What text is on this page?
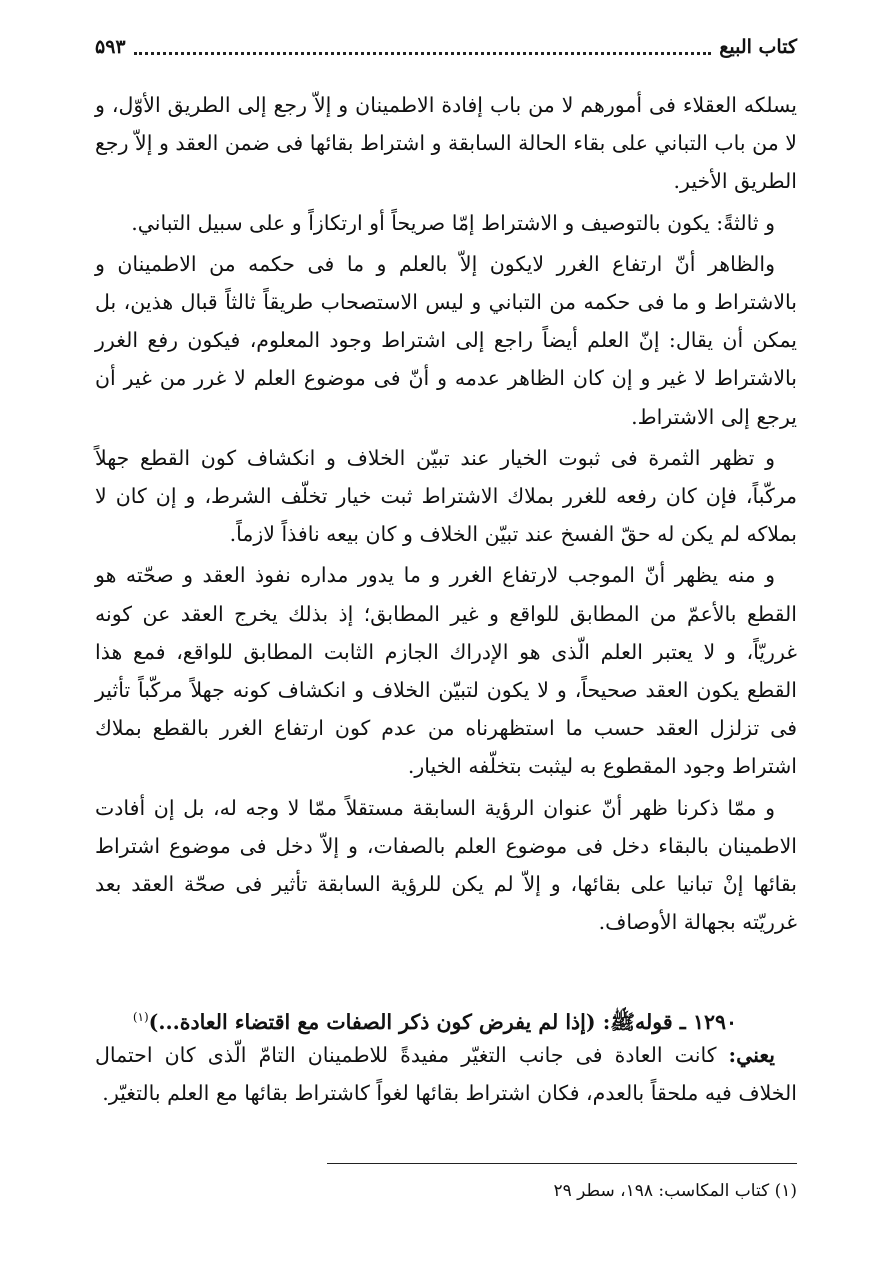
كتاب البيع
۵۹۳

يسلكه العقلاء فى أمورهم لا من باب إفادة الاطمينان و إلاّ رجع إلى الطريق الأوّل، و لا من باب التباني على بقاء الحالة السابقة و اشتراط بقائها فى ضمن العقد و إلاّ رجع الطريق الأخير.

و ثالثةً: يكون بالتوصيف و الاشتراط إمّا صريحاً أو ارتكازاً و على سبيل التباني.

والظاهر أنّ ارتفاع الغرر لايكون إلاّ بالعلم و ما فى حكمه من الاطمينان و بالاشتراط و ما فى حكمه من التباني و ليس الاستصحاب طريقاً ثالثاً قبال هذين، بل يمكن أن يقال: إنّ العلم أيضاً راجع إلى اشتراط وجود المعلوم، فيكون رفع الغرر بالاشتراط لا غير و إن كان الظاهر عدمه و أنّ فى موضوع العلم لا غرر من غير أن يرجع إلى الاشتراط.

و تظهر الثمرة فى ثبوت الخيار عند تبيّن الخلاف و انكشاف كون القطع جهلاً مركّباً، فإن كان رفعه للغرر بملاك الاشتراط ثبت خيار تخلّف الشرط، و إن كان لا بملاكه لم يكن له حقّ الفسخ عند تبيّن الخلاف و كان بيعه نافذاً لازماً.

و منه يظهر أنّ الموجب لارتفاع الغرر و ما يدور مداره نفوذ العقد و صحّته هو القطع بالأعمّ من المطابق للواقع و غير المطابق؛ إذ بذلك يخرج العقد عن كونه غرريّاً، و لا يعتبر العلم الّذى هو الإدراك الجازم الثابت المطابق للواقع، فمع هذا القطع يكون العقد صحيحاً، و لا يكون لتبيّن الخلاف و انكشاف كونه جهلاً مركّباً تأثير فى تزلزل العقد حسب ما استظهرناه من عدم كون ارتفاع الغرر بالقطع بملاك اشتراط وجود المقطوع به ليثبت بتخلّفه الخيار.

و ممّا ذكرنا ظهر أنّ عنوان الرؤية السابقة مستقلاً ممّا لا وجه له، بل إن أفادت الاطمينان بالبقاء دخل فى موضوع العلم بالصفات، و إلاّ دخل فى موضوع اشتراط بقائها إنْ تبانيا على بقائها، و إلاّ لم يكن للرؤية السابقة تأثير فى صحّة العقد بعد غرريّته بجهالة الأوصاف.

۱۲۹۰ ـ قوله‌ﷺ: (إذا لم يفرض كون ذكر الصفات مع اقتضاء العادة...)$^{(۱)}$

يعني: كانت العادة فى جانب التغيّر مفيدةً للاطمينان التامّ الّذى كان احتمال الخلاف فيه ملحقاً بالعدم، فكان اشتراط بقائها لغواً كاشتراط بقائها مع العلم بالتغيّر.

(۱) كتاب المكاسب: ۱۹۸، سطر ۲۹
